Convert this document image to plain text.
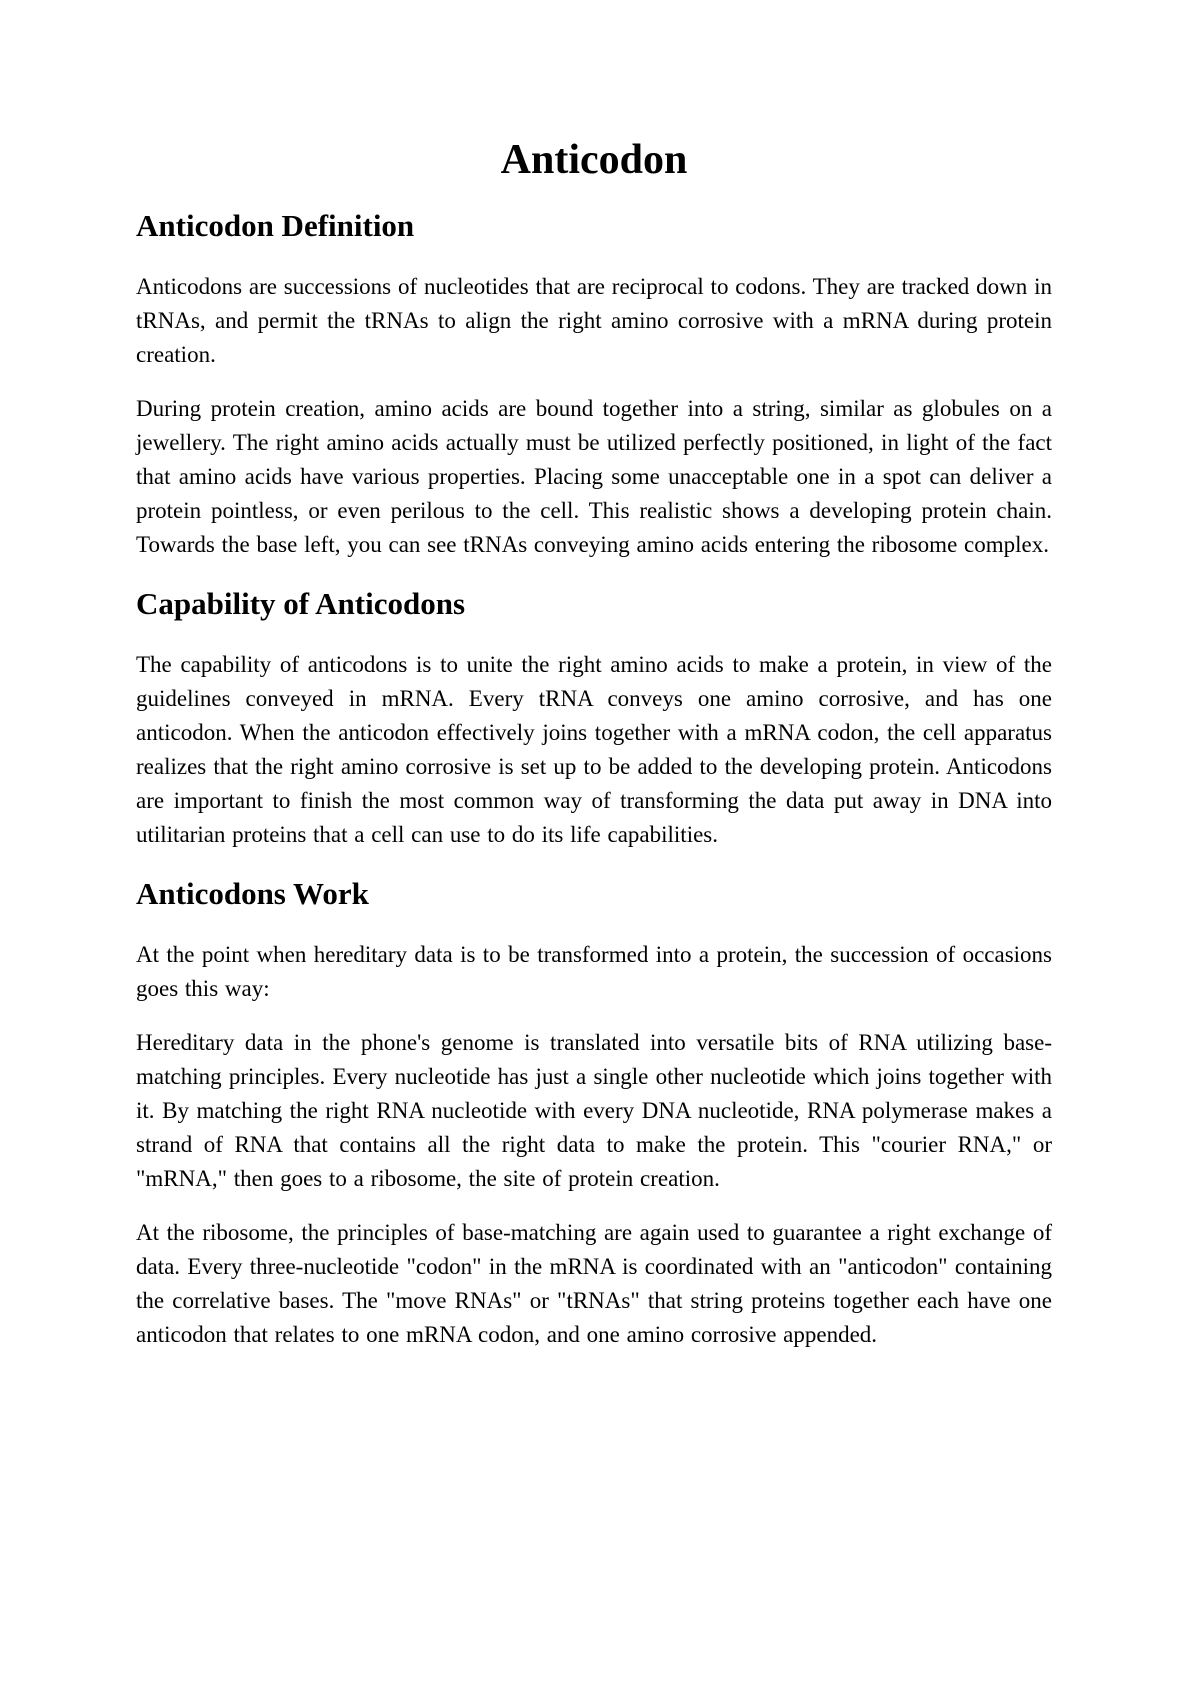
Anticodon
Anticodon Definition

Anticodons are successions of nucleotides that are reciprocal to codons. They are tracked down in tRNAs, and permit the tRNAs to align the right amino corrosive with a mRNA during protein creation.

During protein creation, amino acids are bound together into a string, similar as globules on a jewellery. The right amino acids actually must be utilized perfectly positioned, in light of the fact that amino acids have various properties. Placing some unacceptable one in a spot can deliver a protein pointless, or even perilous to the cell. This realistic shows a developing protein chain. Towards the base left, you can see tRNAs conveying amino acids entering the ribosome complex.

Capability of Anticodons

The capability of anticodons is to unite the right amino acids to make a protein, in view of the guidelines conveyed in mRNA. Every tRNA conveys one amino corrosive, and has one anticodon. When the anticodon effectively joins together with a mRNA codon, the cell apparatus realizes that the right amino corrosive is set up to be added to the developing protein. Anticodons are important to finish the most common way of transforming the data put away in DNA into utilitarian proteins that a cell can use to do its life capabilities.

Anticodons Work

At the point when hereditary data is to be transformed into a protein, the succession of occasions goes this way:

Hereditary data in the phone's genome is translated into versatile bits of RNA utilizing base-matching principles. Every nucleotide has just a single other nucleotide which joins together with it. By matching the right RNA nucleotide with every DNA nucleotide, RNA polymerase makes a strand of RNA that contains all the right data to make the protein. This "courier RNA," or "mRNA," then goes to a ribosome, the site of protein creation.

At the ribosome, the principles of base-matching are again used to guarantee a right exchange of data. Every three-nucleotide "codon" in the mRNA is coordinated with an "anticodon" containing the correlative bases. The "move RNAs" or "tRNAs" that string proteins together each have one anticodon that relates to one mRNA codon, and one amino corrosive appended.
